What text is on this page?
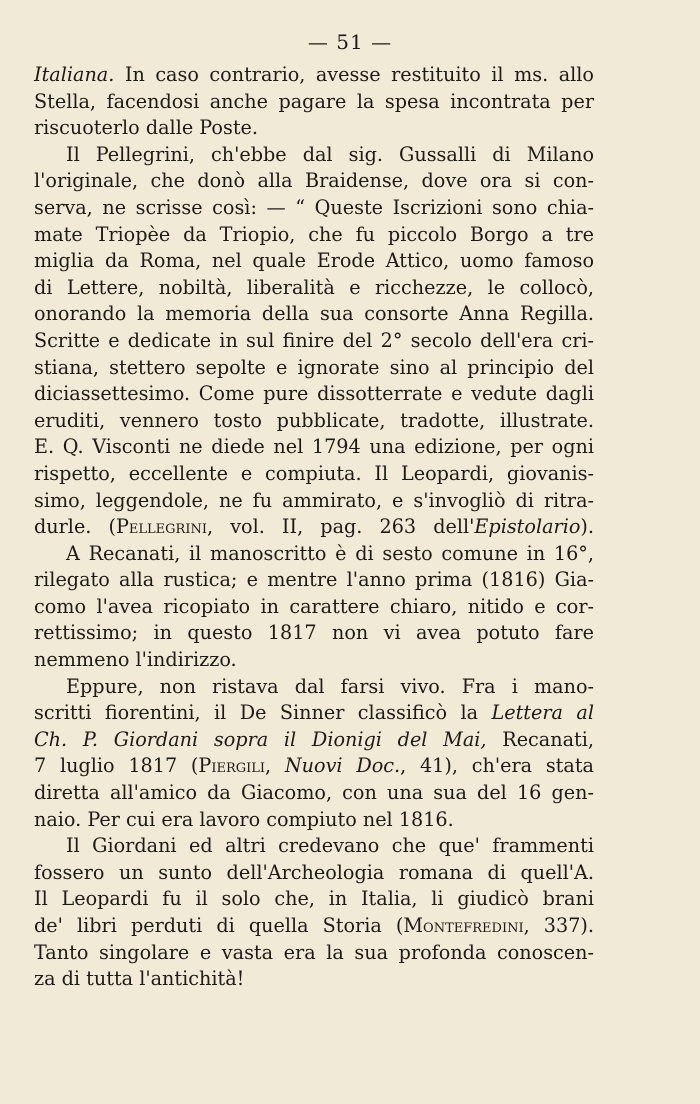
— 51 —
Italiana. In caso contrario, avesse restituito il ms. allo
Stella, facendosi anche pagare la spesa incontrata per
riscuoterlo dalle Poste.
Il Pellegrini, ch'ebbe dal sig. Gussalli di Milano
l'originale, che donò alla Braidense, dove ora si con-
serva, ne scrisse così: — “ Queste Iscrizioni sono chia-
mate Triopèe da Triopio, che fu piccolo Borgo a tre
miglia da Roma, nel quale Erode Attico, uomo famoso
di Lettere, nobiltà, liberalità e ricchezze, le collocò,
onorando la memoria della sua consorte Anna Regilla.
Scritte e dedicate in sul finire del 2° secolo dell'era cri-
stiana, stettero sepolte e ignorate sino al principio del
diciassettesimo. Come pure dissotterrate e vedute dagli
eruditi, vennero tosto pubblicate, tradotte, illustrate.
E. Q. Visconti ne diede nel 1794 una edizione, per ogni
rispetto, eccellente e compiuta. Il Leopardi, giovanis-
simo, leggendole, ne fu ammirato, e s'invogliò di ritra-
durle. (Pellegrini, vol. II, pag. 263 dell'Epistolario).
A Recanati, il manoscritto è di sesto comune in 16°,
rilegato alla rustica; e mentre l'anno prima (1816) Gia-
como l'avea ricopiato in carattere chiaro, nitido e cor-
rettissimo; in questo 1817 non vi avea potuto fare
nemmeno l'indirizzo.
Eppure, non ristava dal farsi vivo. Fra i mano-
scritti fiorentini, il De Sinner classificò la Lettera al
Ch. P. Giordani sopra il Dionigi del Mai, Recanati,
7 luglio 1817 (Piergili, Nuovi Doc., 41), ch'era stata
diretta all'amico da Giacomo, con una sua del 16 gen-
naio. Per cui era lavoro compiuto nel 1816.
Il Giordani ed altri credevano che que' frammenti
fossero un sunto dell'Archeologia romana di quell'A.
Il Leopardi fu il solo che, in Italia, li giudicò brani
de' libri perduti di quella Storia (Montefredini, 337).
Tanto singolare e vasta era la sua profonda conoscen-
za di tutta l'antichità!
